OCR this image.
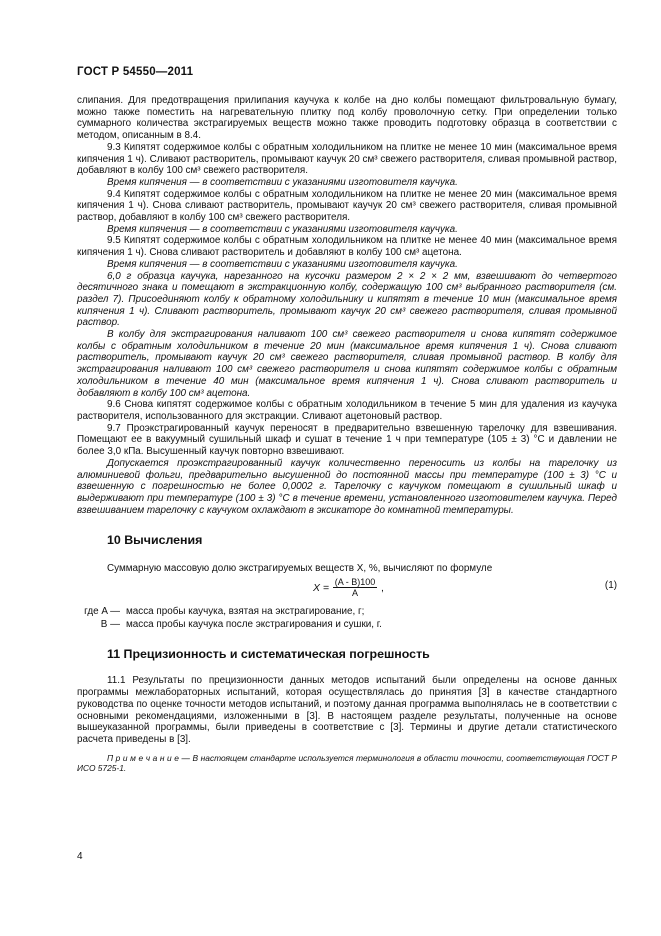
ГОСТ Р 54550—2011

слипания. Для предотвращения прилипания каучука к колбе на дно колбы помещают фильтровальную бумагу, можно также поместить на нагревательную плитку под колбу проволочную сетку. При определении только суммарного количества экстрагируемых веществ можно также проводить подготовку образца в соответствии с методом, описанным в 8.4.

9.3 Кипятят содержимое колбы с обратным холодильником на плитке не менее 10 мин (максимальное время кипячения 1 ч). Сливают растворитель, промывают каучук 20 см³ свежего растворителя, сливая промывной раствор, добавляют в колбу 100 см³ свежего растворителя.

Время кипячения — в соответствии с указаниями изготовителя каучука.

9.4 Кипятят содержимое колбы с обратным холодильником на плитке не менее 20 мин (максимальное время кипячения 1 ч). Снова сливают растворитель, промывают каучук 20 см³ свежего растворителя, сливая промывной раствор, добавляют в колбу 100 см³ свежего растворителя.

Время кипячения — в соответствии с указаниями изготовителя каучука.

9.5 Кипятят содержимое колбы с обратным холодильником на плитке не менее 40 мин (максимальное время кипячения 1 ч). Снова сливают растворитель и добавляют в колбу 100 см³ ацетона.

Время кипячения — в соответствии с указаниями изготовителя каучука.

6,0 г образца каучука, нарезанного на кусочки размером 2 × 2 × 2 мм, взвешивают до четвертого десятичного знака и помещают в экстракционную колбу, содержащую 100 см³ выбранного растворителя (см. раздел 7). Присоединяют колбу к обратному холодильнику и кипятят в течение 10 мин (максимальное время кипячения 1 ч). Сливают растворитель, промывают каучук 20 см³ свежего растворителя, сливая промывной раствор.

В колбу для экстрагирования наливают 100 см³ свежего растворителя и снова кипятят содержимое колбы с обратным холодильником в течение 20 мин (максимальное время кипячения 1 ч). Снова сливают растворитель, промывают каучук 20 см³ свежего растворителя, сливая промывной раствор. В колбу для экстрагирования наливают 100 см³ свежего растворителя и снова кипятят содержимое колбы с обратным холодильником в течение 40 мин (максимальное время кипячения 1 ч). Снова сливают растворитель и добавляют в колбу 100 см³ ацетона.

9.6 Снова кипятят содержимое колбы с обратным холодильником в течение 5 мин для удаления из каучука растворителя, использованного для экстракции. Сливают ацетоновый раствор.

9.7 Проэкстрагированный каучук переносят в предварительно взвешенную тарелочку для взвешивания. Помещают ее в вакуумный сушильный шкаф и сушат в течение 1 ч при температуре (105 ± 3) °С и давлении не более 3,0 кПа. Высушенный каучук повторно взвешивают.

Допускается проэкстрагированный каучук количественно переносить из колбы на тарелочку из алюминиевой фольги, предварительно высушенной до постоянной массы при температуре (100 ± 3) °С и взвешенную с погрешностью не более 0,0002 г. Тарелочку с каучуком помещают в сушильный шкаф и выдерживают при температуре (100 ± 3) °С в течение времени, установленного изготовителем каучука. Перед взвешиванием тарелочку с каучуком охлаждают в эксикаторе до комнатной температуры.

10 Вычисления

Суммарную массовую долю экстрагируемых веществ X, %, вычисляют по формуле

$X = \frac{(A - B)100}{A}$ ,	(1)
где A — масса пробы каучука, взятая на экстрагирование, г;
B — масса пробы каучука после экстрагирования и сушки, г.
11 Прецизионность и систематическая погрешность

11.1 Результаты по прецизионности данных методов испытаний были определены на основе данных программы межлабораторных испытаний, которая осуществлялась до принятия [3] в качестве стандартного руководства по оценке точности методов испытаний, и поэтому данная программа выполнялась не в соответствии с основными рекомендациями, изложенными в [3]. В настоящем разделе результаты, полученные на основе вышеуказанной программы, были приведены в соответствие с [3]. Термины и другие детали статистического расчета приведены в [3].

П р и м е ч а н и е — В настоящем стандарте используется терминология в области точности, соответствующая ГОСТ Р ИСО 5725-1.

4
